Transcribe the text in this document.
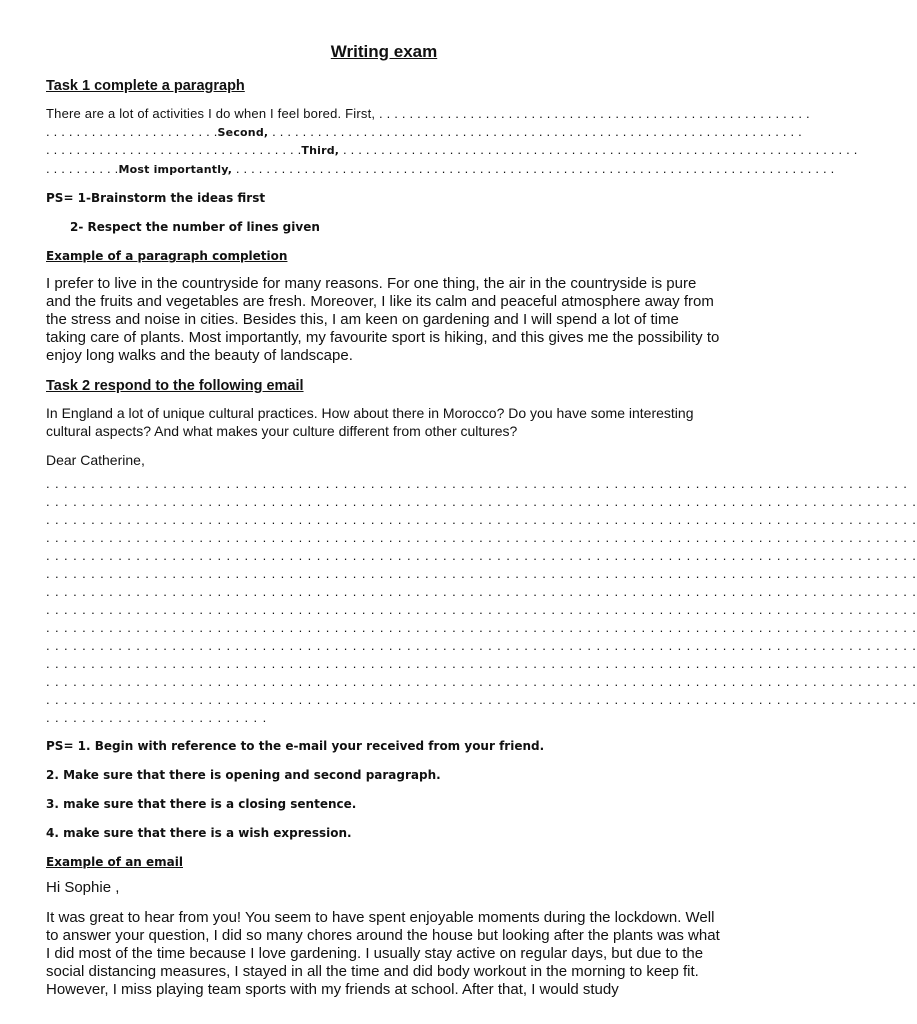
Writing exam
Task 1 complete a paragraph
There are a lot of activities I do when I feel bored. First, . . . . . . . . . . . . . . . . . . . . . . . . . . . . . . . . . . . . . . . . . . . . . . . . . . . . . . . . .
. . . . . . . . . . . . . . . . . . . . . . .Second, . . . . . . . . . . . . . . . . . . . . . . . . . . . . . . . . . . . . . . . . . . . . . . . . . . . . . . . . . . . . . . . . . . . . . .
. . . . . . . . . . . . . . . . . . . . . . . . . . . . . . . . . .Third, . . . . . . . . . . . . . . . . . . . . . . . . . . . . . . . . . . . . . . . . . . . . . . . . . . . . . . . . . . . . . . . . . . . .
. . . . . . . . . .Most importantly, . . . . . . . . . . . . . . . . . . . . . . . . . . . . . . . . . . . . . . . . . . . . . . . . . . . . . . . . . . . . . . . . . . . . . . . . . . . . . . .
PS= 1-Brainstorm the ideas first
2- Respect the number of lines given
Example of a paragraph completion

I prefer to live in the countryside for many reasons. For one thing, the air in the countryside is pure and the fruits and vegetables are fresh. Moreover, I like its calm and peaceful atmosphere away from the stress and noise in cities. Besides this, I am keen on gardening and I will spend a lot of time taking care of plants. Most importantly, my favourite sport is hiking, and this gives me the possibility to enjoy long walks and the beauty of landscape.

Task 2 respond to the following email

In England a lot of unique cultural practices. How about there in Morocco? Do you have some interesting cultural aspects? And what makes your culture different from other cultures?

Dear Catherine,
. . . . . . . . . . . . . . . . . . . . . . . . . . . . . . . . . . . . . . . . . . . . . . . . . . . . . . . . . . . . . . . . . . . . . . . . . . . . . . . . . . . . . . . . . . . . . . . .
. . . . . . . . . . . . . . . . . . . . . . . . . . . . . . . . . . . . . . . . . . . . . . . . . . . . . . . . . . . . . . . . . . . . . . . . . . . . . . . . . . . . . . . . . . . . . . . . .
. . . . . . . . . . . . . . . . . . . . . . . . . . . . . . . . . . . . . . . . . . . . . . . . . . . . . . . . . . . . . . . . . . . . . . . . . . . . . . . . . . . . . . . . . . . . . . . . .
. . . . . . . . . . . . . . . . . . . . . . . . . . . . . . . . . . . . . . . . . . . . . . . . . . . . . . . . . . . . . . . . . . . . . . . . . . . . . . . . . . . . . . . . . . . . . . . . .
. . . . . . . . . . . . . . . . . . . . . . . . . . . . . . . . . . . . . . . . . . . . . . . . . . . . . . . . . . . . . . . . . . . . . . . . . . . . . . . . . . . . . . . . . . . . . . . . .
. . . . . . . . . . . . . . . . . . . . . . . . . . . . . . . . . . . . . . . . . . . . . . . . . . . . . . . . . . . . . . . . . . . . . . . . . . . . . . . . . . . . . . . . . . . . . . . . .
. . . . . . . . . . . . . . . . . . . . . . . . . . . . . . . . . . . . . . . . . . . . . . . . . . . . . . . . . . . . . . . . . . . . . . . . . . . . . . . . . . . . . . . . . . . . . . . . .
. . . . . . . . . . . . . . . . . . . . . . . . . . . . . . . . . . . . . . . . . . . . . . . . . . . . . . . . . . . . . . . . . . . . . . . . . . . . . . . . . . . . . . . . . . . . . . . . .
. . . . . . . . . . . . . . . . . . . . . . . . . . . . . . . . . . . . . . . . . . . . . . . . . . . . . . . . . . . . . . . . . . . . . . . . . . . . . . . . . . . . . . . . . . . . . . . . .
. . . . . . . . . . . . . . . . . . . . . . . . . . . . . . . . . . . . . . . . . . . . . . . . . . . . . . . . . . . . . . . . . . . . . . . . . . . . . . . . . . . . . . . . . . . . . . . . .
. . . . . . . . . . . . . . . . . . . . . . . . . . . . . . . . . . . . . . . . . . . . . . . . . . . . . . . . . . . . . . . . . . . . . . . . . . . . . . . . . . . . . . . . . . . . . . . . .
. . . . . . . . . . . . . . . . . . . . . . . . . . . . . . . . . . . . . . . . . . . . . . . . . . . . . . . . . . . . . . . . . . . . . . . . . . . . . . . . . . . . . . . . . . . . . . . . .
. . . . . . . . . . . . . . . . . . . . . . . . . . . . . . . . . . . . . . . . . . . . . . . . . . . . . . . . . . . . . . . . . . . . . . . . . . . . . . . . . . . . . . . . . . . . . . . . .
. . . . . . . . . . . . . . . . . . . . . . . . .
PS= 1. Begin with reference to the e-mail your received from your friend.
2. Make sure that there is opening and second paragraph.
3. make sure that there is a closing sentence.
4. make sure that there is a wish expression.
Example of an email
Hi Sophie ,

It was great to hear from you! You seem to have spent enjoyable moments during the lockdown. Well to answer your question, I did so many chores around the house but looking after the plants was what I did most of the time because I love gardening. I usually stay active on regular days, but due to the social distancing measures, I stayed in all the time and did body workout in the morning to keep fit. However, I miss playing team sports with my friends at school. After that, I would study
